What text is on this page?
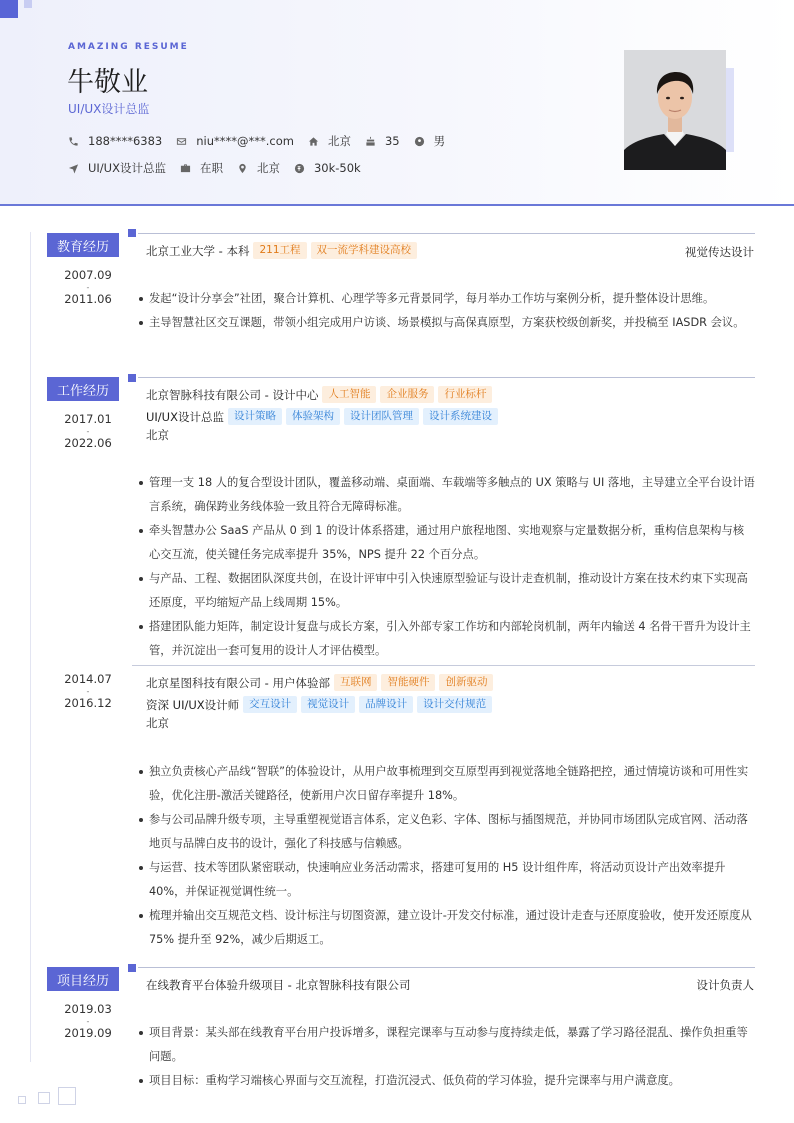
AMAZING RESUME
牛敬业
UI/UX设计总监
188****6383	niu****@***.com	北京	35	男
UI/UX设计总监	在职	北京	30k-50k
教育经历
2007.09
-
2011.06
北京工业大学 - 本科 211工程	双一流学科建设高校	视觉传达设计
发起“设计分享会”社团，聚合计算机、心理学等多元背景同学，每月举办工作坊与案例分析，提升整体设计思维。
主导智慧社区交互课题，带领小组完成用户访谈、场景模拟与高保真原型，方案获校级创新奖，并投稿至 IASDR 会议。
工作经历
2017.01
-
2022.06
北京智脉科技有限公司 - 设计中心 人工智能	企业服务	行业标杆
UI/UX设计总监 设计策略	体验架构	设计团队管理	设计系统建设
北京
管理一支 18 人的复合型设计团队，覆盖移动端、桌面端、车载端等多触点的 UX 策略与 UI 落地，主导建立全平台设计语言系统，确保跨业务线体验一致且符合无障碍标准。
牵头智慧办公 SaaS 产品从 0 到 1 的设计体系搭建，通过用户旅程地图、实地观察与定量数据分析，重构信息架构与核心交互流，使关键任务完成率提升 35%，NPS 提升 22 个百分点。
与产品、工程、数据团队深度共创，在设计评审中引入快速原型验证与设计走查机制，推动设计方案在技术约束下实现高还原度，平均缩短产品上线周期 15%。
搭建团队能力矩阵，制定设计复盘与成长方案，引入外部专家工作坊和内部轮岗机制，两年内输送 4 名骨干晋升为设计主管，并沉淀出一套可复用的设计人才评估模型。
2014.07
-
2016.12
北京星图科技有限公司 - 用户体验部 互联网	智能硬件	创新驱动
资深 UI/UX设计师 交互设计	视觉设计	品牌设计	设计交付规范
北京
独立负责核心产品线“智联”的体验设计，从用户故事梳理到交互原型再到视觉落地全链路把控，通过情境访谈和可用性实验，优化注册-激活关键路径，使新用户次日留存率提升 18%。
参与公司品牌升级专项，主导重塑视觉语言体系，定义色彩、字体、图标与插图规范，并协同市场团队完成官网、活动落地页与品牌白皮书的设计，强化了科技感与信赖感。
与运营、技术等团队紧密联动，快速响应业务活动需求，搭建可复用的 H5 设计组件库，将活动页设计产出效率提升 40%，并保证视觉调性统一。
梳理并输出交互规范文档、设计标注与切图资源，建立设计-开发交付标准，通过设计走查与还原度验收，使开发还原度从 75% 提升至 92%，减少后期返工。
项目经历
2019.03
-
2019.09
在线教育平台体验升级项目 - 北京智脉科技有限公司	设计负责人
项目背景：某头部在线教育平台用户投诉增多，课程完课率与互动参与度持续走低，暴露了学习路径混乱、操作负担重等问题。
项目目标：重构学习端核心界面与交互流程，打造沉浸式、低负荷的学习体验，提升完课率与用户满意度。
